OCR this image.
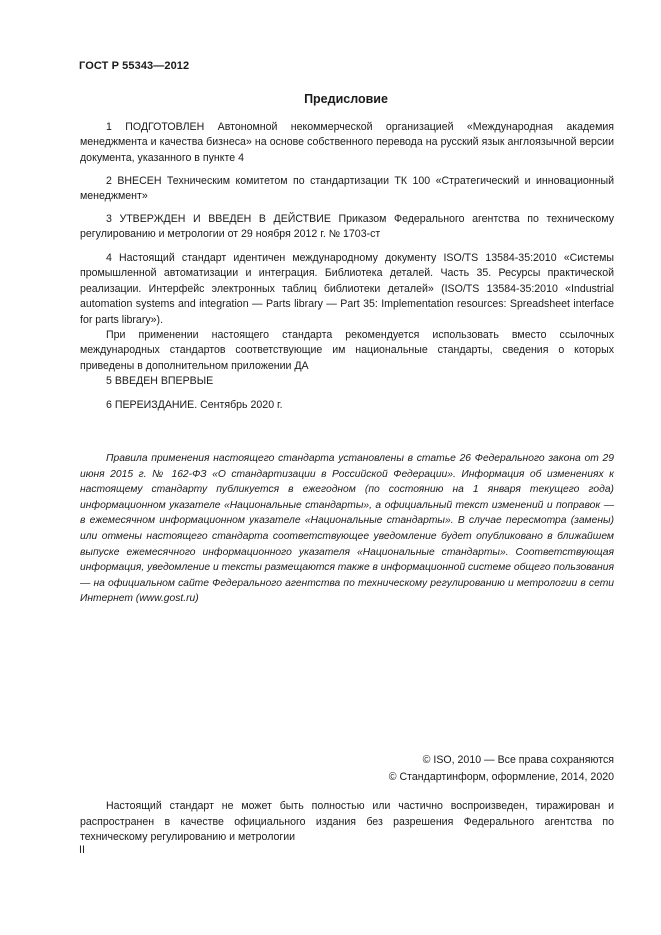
ГОСТ Р 55343—2012
Предисловие

1 ПОДГОТОВЛЕН Автономной некоммерческой организацией «Международная академия менеджмента и качества бизнеса» на основе собственного перевода на русский язык англоязычной версии документа, указанного в пункте 4

2 ВНЕСЕН Техническим комитетом по стандартизации ТК 100 «Стратегический и инновационный менеджмент»

3 УТВЕРЖДЕН И ВВЕДЕН В ДЕЙСТВИЕ Приказом Федерального агентства по техническому регулированию и метрологии от 29 ноября 2012 г. № 1703-ст

4 Настоящий стандарт идентичен международному документу ISO/TS 13584-35:2010 «Системы промышленной автоматизации и интеграция. Библиотека деталей. Часть 35. Ресурсы практической реализации. Интерфейс электронных таблиц библиотеки деталей» (ISO/TS 13584-35:2010 «Industrial automation systems and integration — Parts library — Part 35: Implementation resources: Spreadsheet interface for parts library»).

При применении настоящего стандарта рекомендуется использовать вместо ссылочных международных стандартов соответствующие им национальные стандарты, сведения о которых приведены в дополнительном приложении ДА

5 ВВЕДЕН ВПЕРВЫЕ

6 ПЕРЕИЗДАНИЕ. Сентябрь 2020 г.

Правила применения настоящего стандарта установлены в статье 26 Федерального закона от 29 июня 2015 г. № 162-ФЗ «О стандартизации в Российской Федерации». Информация об изменениях к настоящему стандарту публикуется в ежегодном (по состоянию на 1 января текущего года) информационном указателе «Национальные стандарты», а официальный текст изменений и поправок — в ежемесячном информационном указателе «Национальные стандарты». В случае пересмотра (замены) или отмены настоящего стандарта соответствующее уведомление будет опубликовано в ближайшем выпуске ежемесячного информационного указателя «Национальные стандарты». Соответствующая информация, уведомление и тексты размещаются также в информационной системе общего пользования — на официальном сайте Федерального агентства по техническому регулированию и метрологии в сети Интернет (www.gost.ru)
© ISO, 2010 — Все права сохраняются
© Стандартинформ, оформление, 2014, 2020
Настоящий стандарт не может быть полностью или частично воспроизведен, тиражирован и распространен в качестве официального издания без разрешения Федерального агентства по техническому регулированию и метрологии
II
